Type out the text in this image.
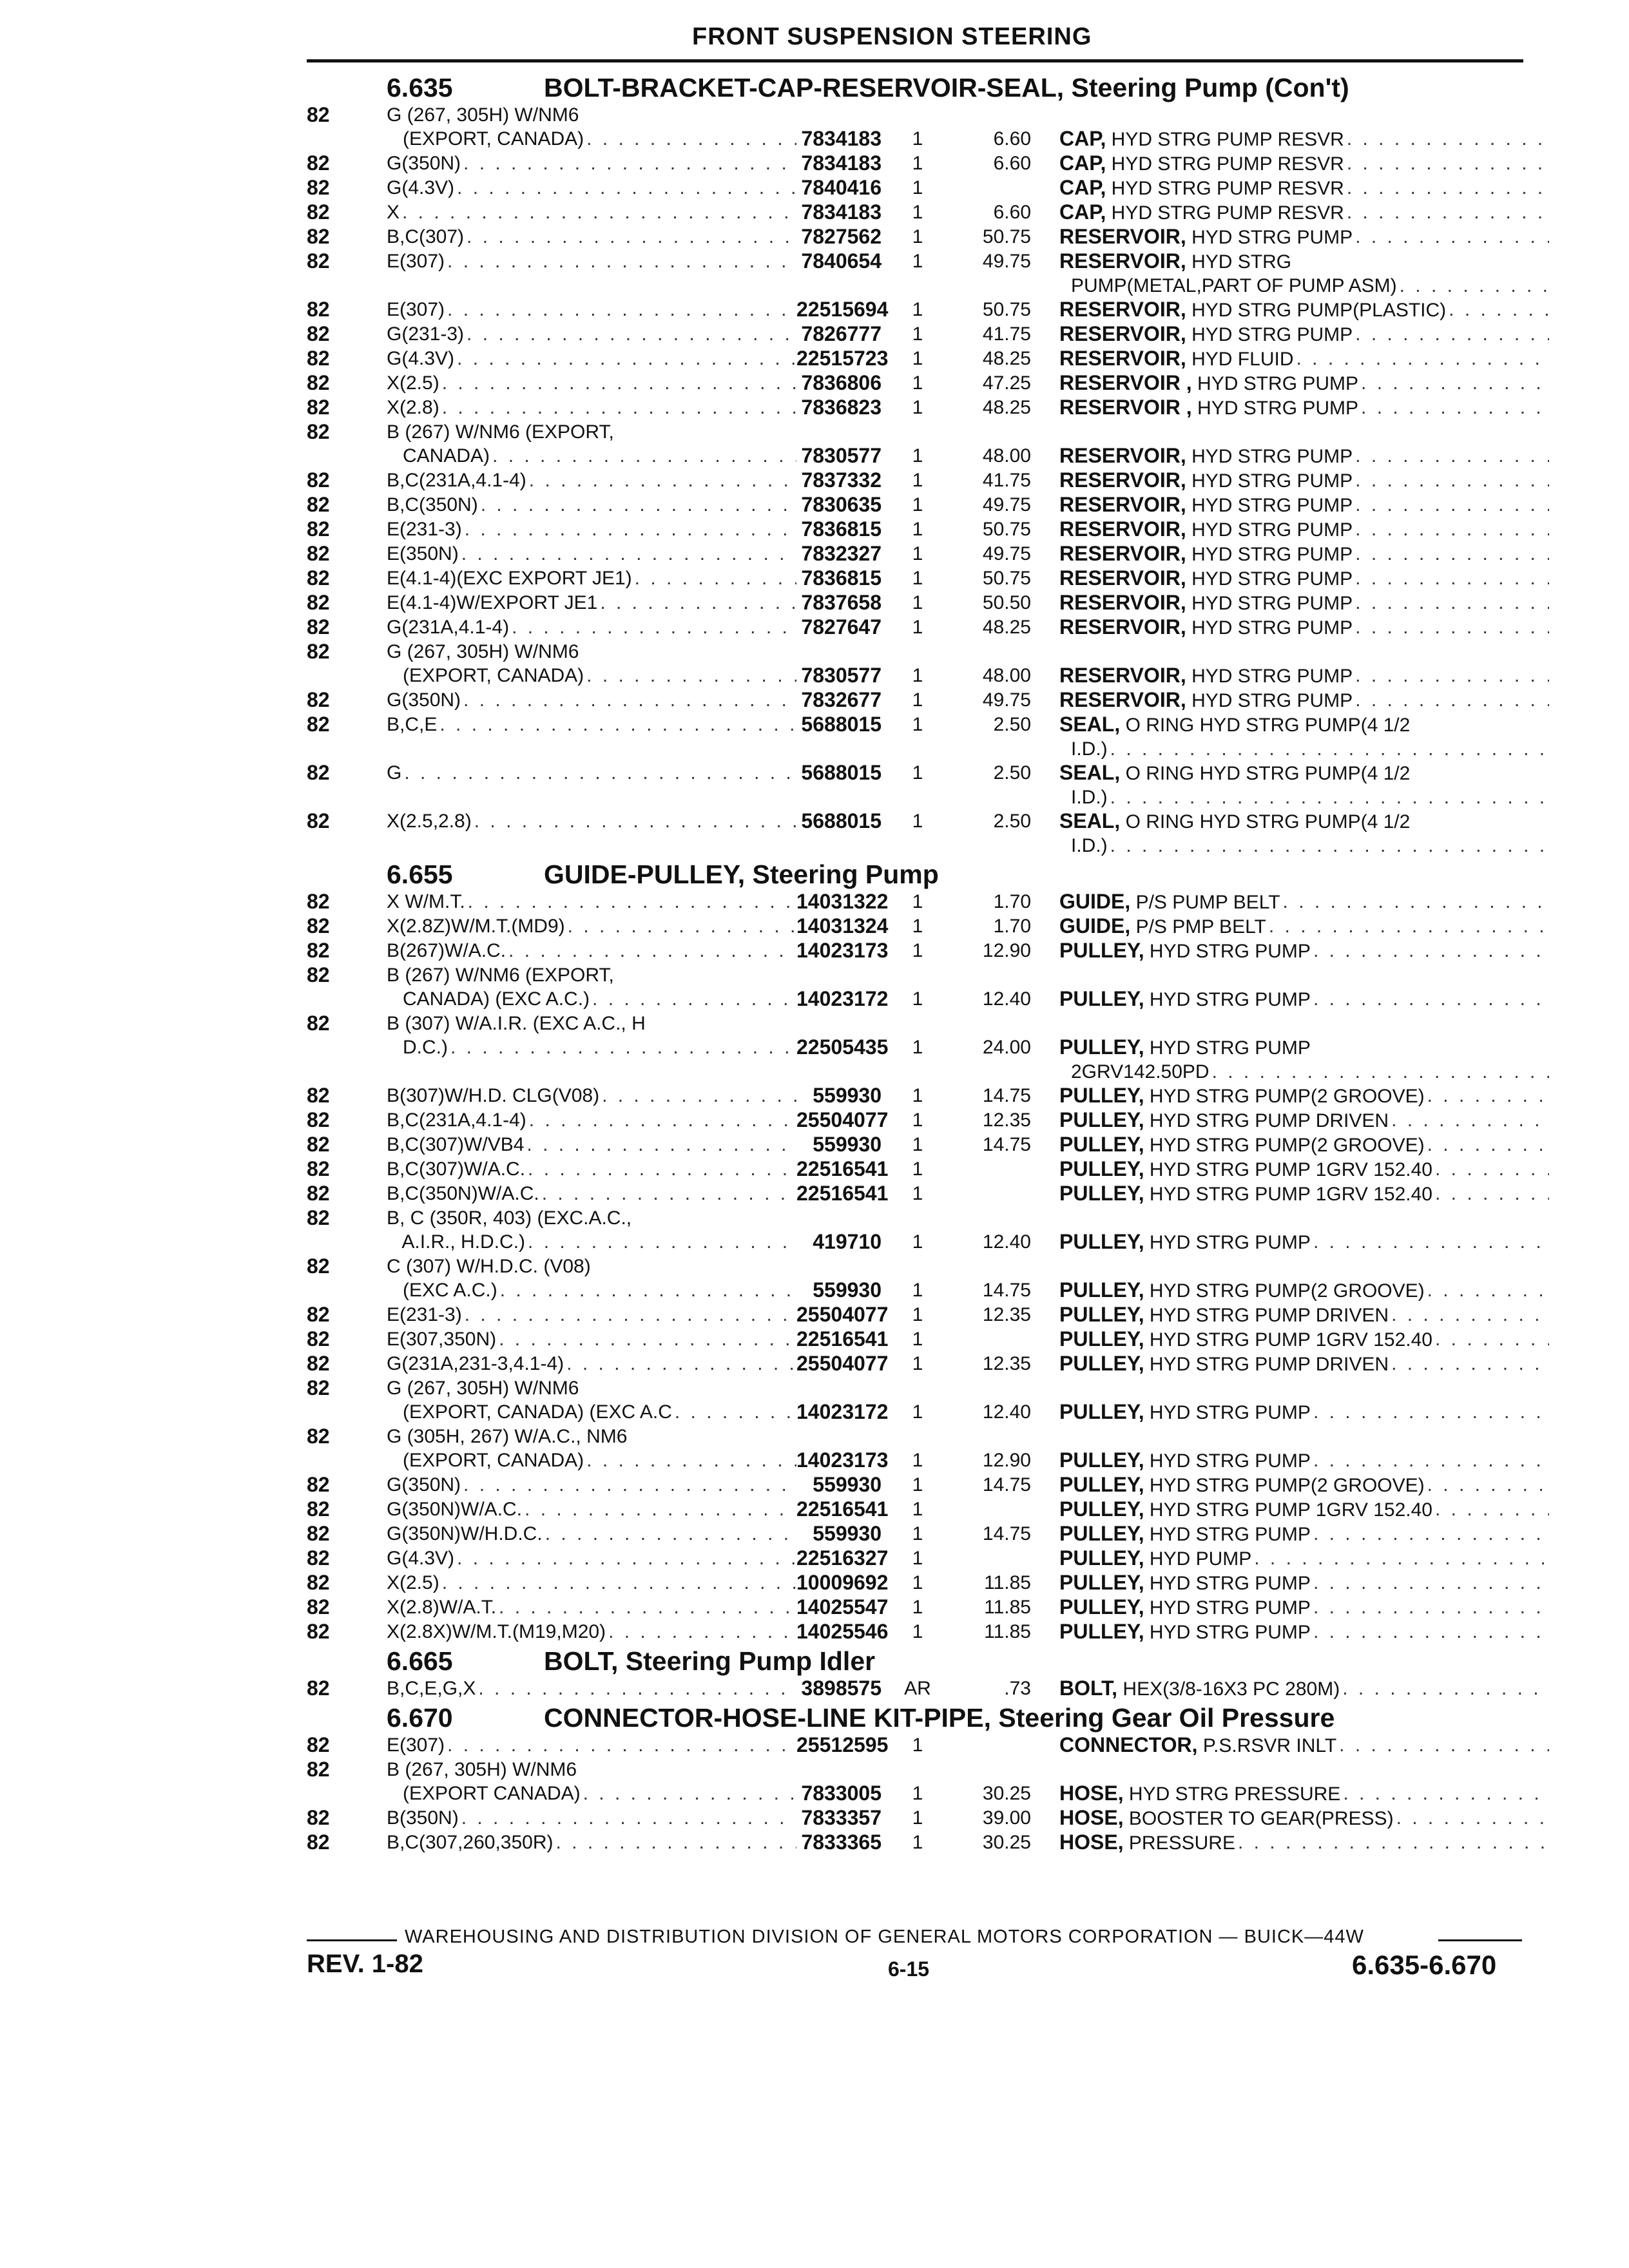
FRONT SUSPENSION STEERING
6.635	BOLT-BRACKET-CAP-RESERVOIR-SEAL, Steering Pump (Con't)
82	G (267, 305H) W/NM6
(EXPORT, CANADA) . . .	7834183	1	6.60 CAP, HYD STRG PUMP RESVR
. . .
82	G(350N) . . .	7834183	1	6.60 CAP, HYD STRG PUMP RESVR
. . .
82	G(4.3V) . . .	7840416	1	CAP, HYD STRG PUMP RESVR
. . .
82	X . . .	7834183	1	6.60 CAP, HYD STRG PUMP RESVR
. . .
82	B,C(307) . . .	7827562	1	50.75 RESERVOIR, HYD STRG PUMP
. . .
82	E(307) . . .	7840654	1	49.75 RESERVOIR, HYD STRG
PUMP(METAL,PART OF PUMP ASM)
. . .
82	E(307) . . .	22515694	1	50.75 RESERVOIR, HYD STRG PUMP(PLASTIC)
. . .
82	G(231-3) . . .	7826777	1	41.75 RESERVOIR, HYD STRG PUMP
. . .
82	G(4.3V) . . .	22515723	1	48.25 RESERVOIR, HYD FLUID
. . .
82	X(2.5) . . .	7836806	1	47.25 RESERVOIR , HYD STRG PUMP
. . .
82	X(2.8) . . .	7836823	1	48.25 RESERVOIR , HYD STRG PUMP
. . .
82	B (267) W/NM6 (EXPORT,
CANADA) . . .	7830577	1	48.00 RESERVOIR, HYD STRG PUMP
. . .
82	B,C(231A,4.1-4) . . .	7837332	1	41.75 RESERVOIR, HYD STRG PUMP
. . .
82	B,C(350N) . . .	7830635	1	49.75 RESERVOIR, HYD STRG PUMP
. . .
82	E(231-3) . . .	7836815	1	50.75 RESERVOIR, HYD STRG PUMP
. . .
82	E(350N) . . .	7832327	1	49.75 RESERVOIR, HYD STRG PUMP
. . .
82	E(4.1-4)(EXC EXPORT JE1) . . .	7836815	1	50.75 RESERVOIR, HYD STRG PUMP
. . .
82	E(4.1-4)W/EXPORT JE1 . . .	7837658	1	50.50 RESERVOIR, HYD STRG PUMP
. . .
82	G(231A,4.1-4) . . .	7827647	1	48.25 RESERVOIR, HYD STRG PUMP
. . .
82	G (267, 305H) W/NM6
(EXPORT, CANADA) . . .	7830577	1	48.00 RESERVOIR, HYD STRG PUMP
. . .
82	G(350N) . . .	7832677	1	49.75 RESERVOIR, HYD STRG PUMP
. . .
82	B,C,E . . .	5688015	1	2.50 SEAL, O RING HYD STRG PUMP(4 1/2
I.D.)
. . .
82	G . . .	5688015	1	2.50 SEAL, O RING HYD STRG PUMP(4 1/2
I.D.)
. . .
82	X(2.5,2.8) . . .	5688015	1	2.50 SEAL, O RING HYD STRG PUMP(4 1/2
I.D.)
. . .
6.655	GUIDE-PULLEY, Steering Pump
82	X W/M.T. . . .	14031322	1	1.70 GUIDE, P/S PUMP BELT
. . .
82	X(2.8Z)W/M.T.(MD9) . . .	14031324	1	1.70 GUIDE, P/S PMP BELT
. . .
82	B(267)W/A.C. . . .	14023173	1	12.90 PULLEY, HYD STRG PUMP
. . .
82	B (267) W/NM6 (EXPORT,
CANADA) (EXC A.C.) . . .	14023172	1	12.40 PULLEY, HYD STRG PUMP
. . .
82	B (307) W/A.I.R. (EXC A.C., H
D.C.) . . .	22505435	1	24.00 PULLEY, HYD STRG PUMP
2GRV142.50PD
. . .
82	B(307)W/H.D. CLG(V08) . . .	559930	1	14.75 PULLEY, HYD STRG PUMP(2 GROOVE)
. . .
82	B,C(231A,4.1-4) . . .	25504077	1	12.35 PULLEY, HYD STRG PUMP DRIVEN
. . .
82	B,C(307)W/VB4 . . .	559930	1	14.75 PULLEY, HYD STRG PUMP(2 GROOVE)
. . .
82	B,C(307)W/A.C. . . .	22516541	1	PULLEY, HYD STRG PUMP 1GRV 152.40
. . .
82	B,C(350N)W/A.C. . . .	22516541	1	PULLEY, HYD STRG PUMP 1GRV 152.40
. . .
82	B, C (350R, 403) (EXC.A.C.,
A.I.R., H.D.C.) . . .	419710	1	12.40 PULLEY, HYD STRG PUMP
. . .
82	C (307) W/H.D.C. (V08)
(EXC A.C.) . . .	559930	1	14.75 PULLEY, HYD STRG PUMP(2 GROOVE)
. . .
82	E(231-3) . . .	25504077	1	12.35 PULLEY, HYD STRG PUMP DRIVEN
. . .
82	E(307,350N) . . .	22516541	1	PULLEY, HYD STRG PUMP 1GRV 152.40
. . .
82	G(231A,231-3,4.1-4) . . .	25504077	1	12.35 PULLEY, HYD STRG PUMP DRIVEN
. . .
82	G (267, 305H) W/NM6
(EXPORT, CANADA) (EXC A.C . . .	14023172	1	12.40 PULLEY, HYD STRG PUMP
. . .
82	G (305H, 267) W/A.C., NM6
(EXPORT, CANADA) . . .	14023173	1	12.90 PULLEY, HYD STRG PUMP
. . .
82	G(350N) . . .	559930	1	14.75 PULLEY, HYD STRG PUMP(2 GROOVE)
. . .
82	G(350N)W/A.C. . . .	22516541	1	PULLEY, HYD STRG PUMP 1GRV 152.40
. . .
82	G(350N)W/H.D.C. . . .	559930	1	14.75 PULLEY, HYD STRG PUMP
. . .
82	G(4.3V) . . .	22516327	1	PULLEY, HYD PUMP
. . .
82	X(2.5) . . .	10009692	1	11.85 PULLEY, HYD STRG PUMP
. . .
82	X(2.8)W/A.T. . . .	14025547	1	11.85 PULLEY, HYD STRG PUMP
. . .
82	X(2.8X)W/M.T.(M19,M20) . . .	14025546	1	11.85 PULLEY, HYD STRG PUMP
. . .
6.665	BOLT, Steering Pump Idler
82	B,C,E,G,X . . .	3898575	AR	.73 BOLT, HEX(3/8-16X3 PC 280M)
. . .
6.670	CONNECTOR-HOSE-LINE KIT-PIPE, Steering Gear Oil Pressure
82	E(307) . . .	25512595	1	CONNECTOR, P.S.RSVR INLT
. . .
82	B (267, 305H) W/NM6
(EXPORT CANADA) . . .	7833005	1	30.25 HOSE, HYD STRG PRESSURE
. . .
82	B(350N) . . .	7833357	1	39.00 HOSE, BOOSTER TO GEAR(PRESS)
. . .
82	B,C(307,260,350R) . . .	7833365	1	30.25 HOSE, PRESSURE
. . .
WAREHOUSING AND DISTRIBUTION DIVISION OF GENERAL MOTORS CORPORATION — BUICK—44W
REV. 1-82	6-15	6.635-6.670
